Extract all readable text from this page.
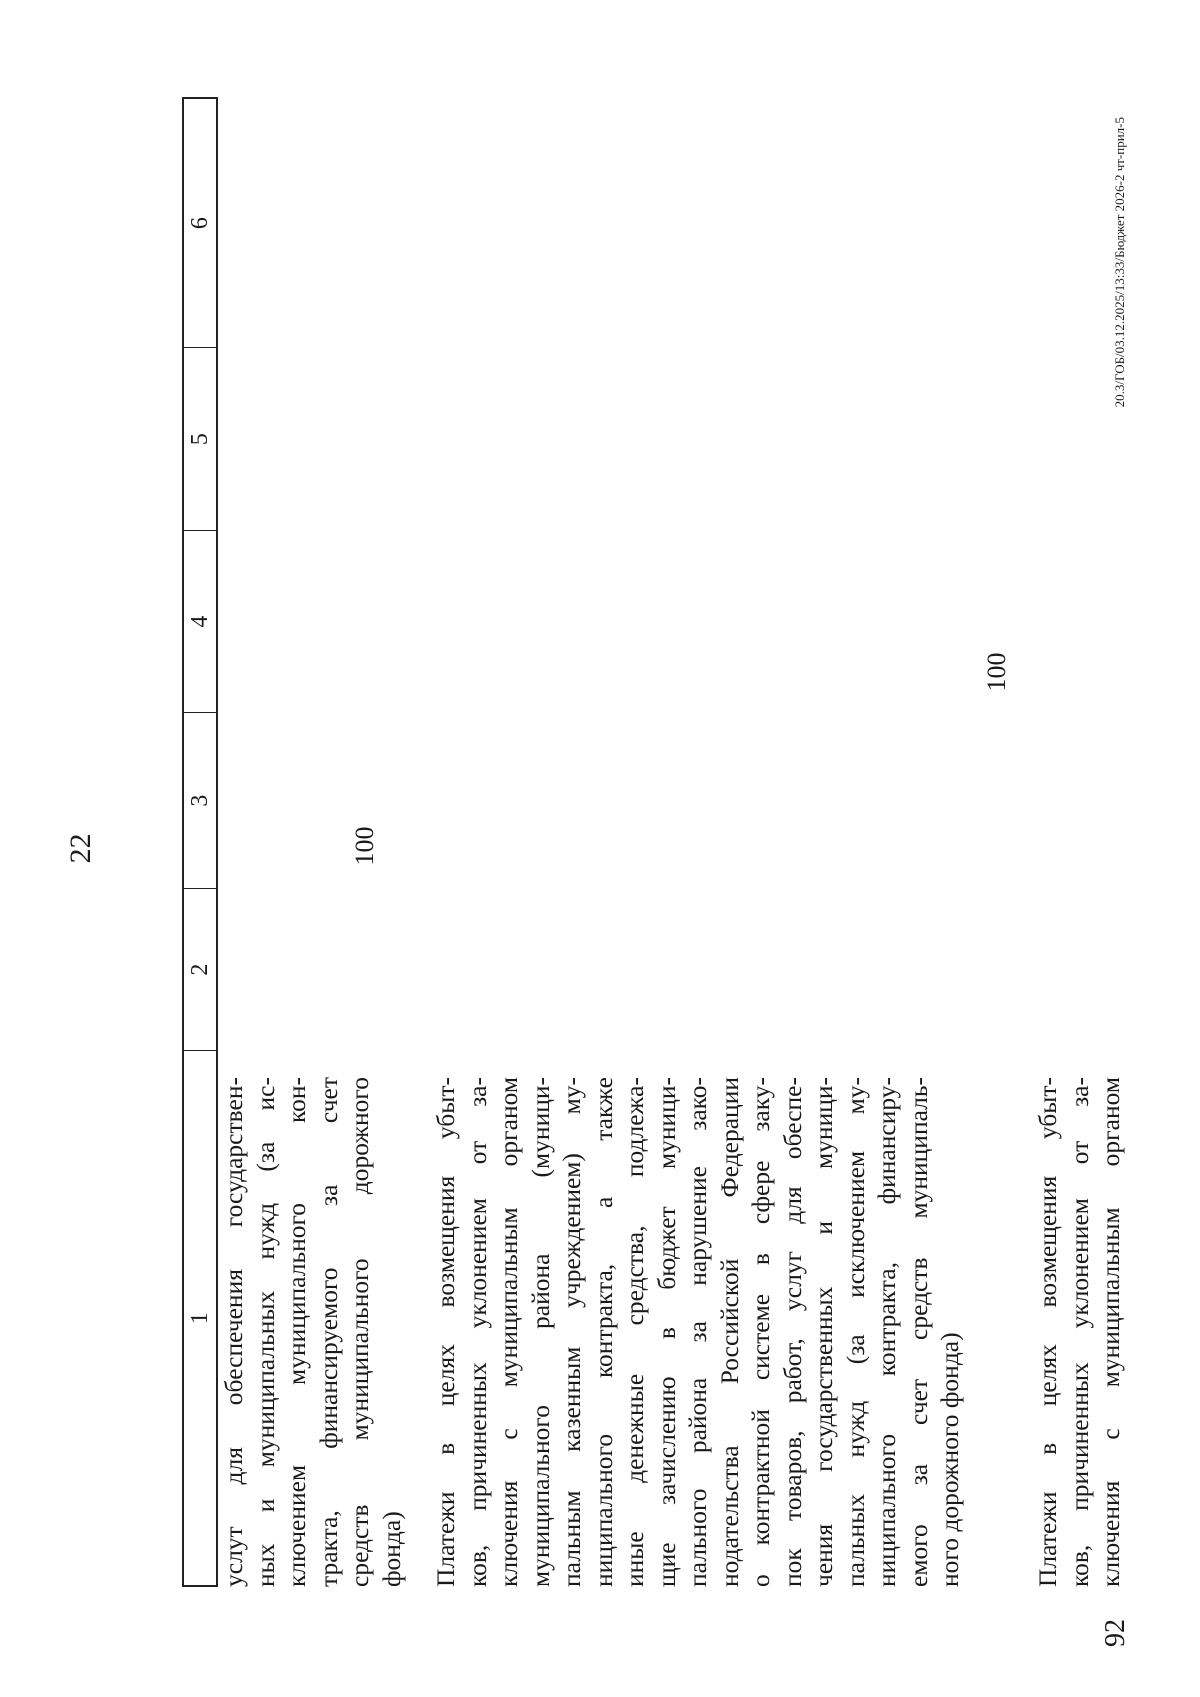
22
1
2
3
4
5
6
услут для обеспечения государствен- ных и муниципальных нужд (за ис- ключением муниципального кон- тракта, финансируемого за счет средств муниципального дорожного фонда)
100
Платежи в целях возмещения убыт- ков, причиненных уклонением от за- ключения с муниципальным органом муниципального района (муници- пальным казенным учреждением) му- ниципального контракта, а также иные денежные средства, подлежа- щие зачислению в бюджет муници- пального района за нарушение зако- нодательства Российской Федерации о контрактной системе в сфере заку- пок товаров, работ, услуг для обеспе- чения государственных и муници- пальных нужд (за исключением му- ниципального контракта, финансиру- емого за счет средств муниципаль- ного дорожного фонда)
100
Платежи в целях возмещения убыт- ков, причиненных уклонением от за- ключения с муниципальным органом
20.3/ГОБ/03.12.2025/13:33/Бюджет 2026-2 чт-прил-5
92
